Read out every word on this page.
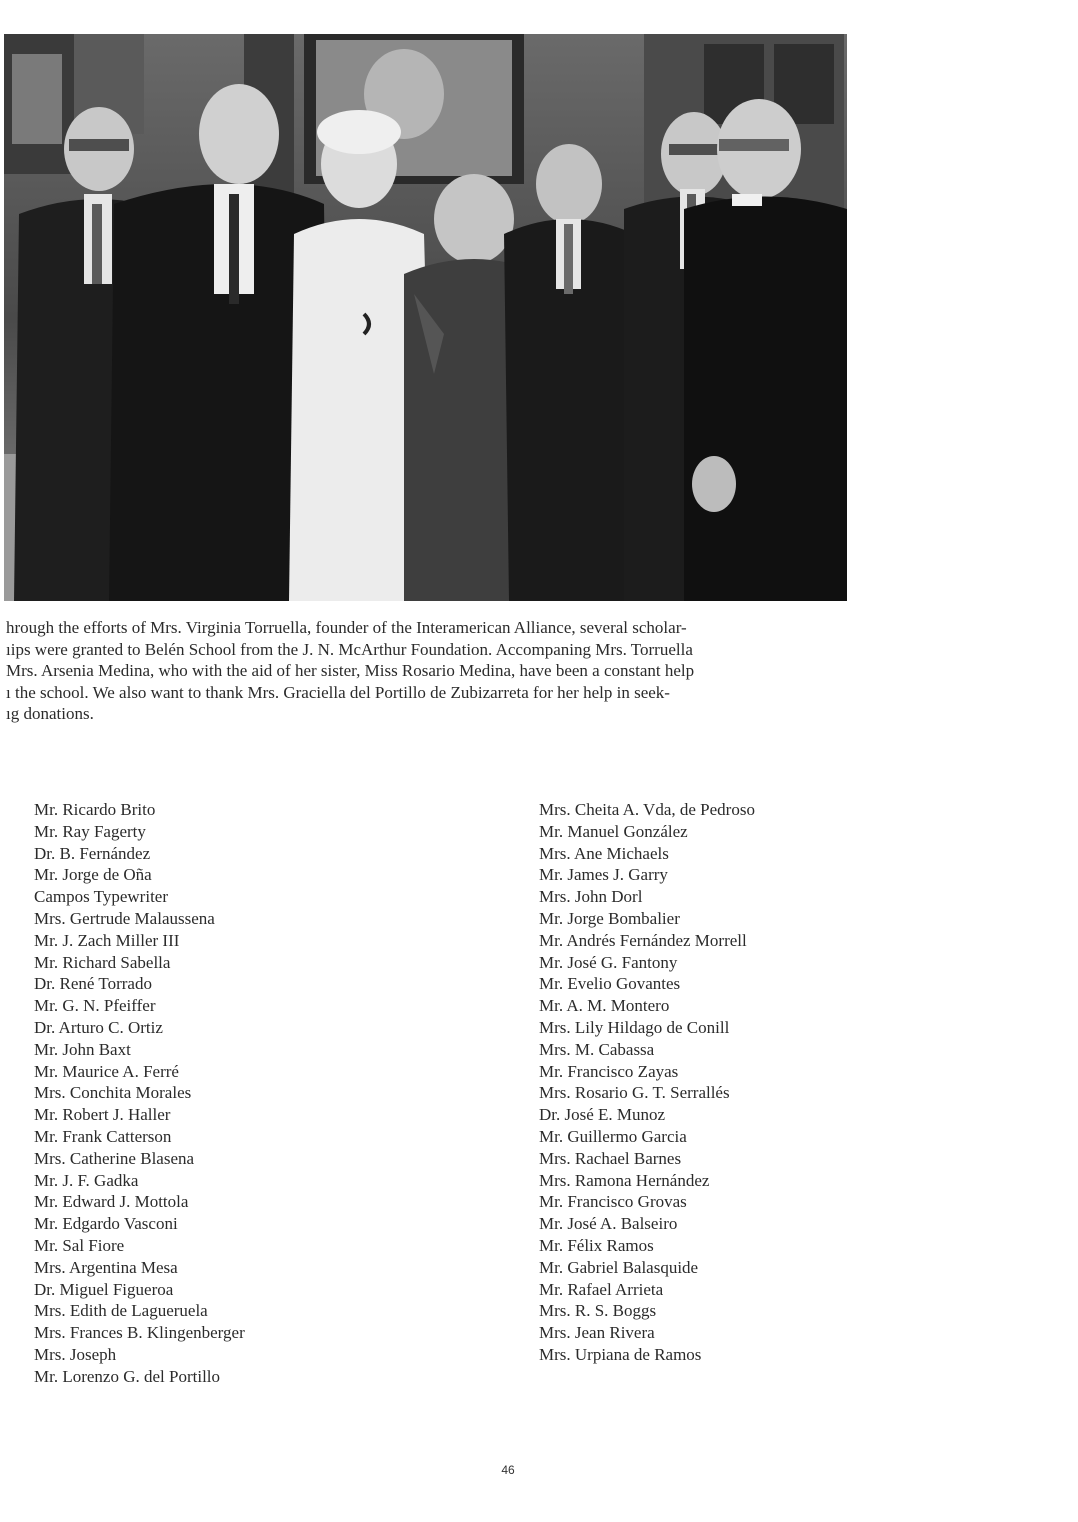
hrough the efforts of Mrs. Virginia Torruella, founder of the Interamerican Alliance, several scholar-
ıips were granted to Belén School from the J. N. McArthur Foundation. Accompaning Mrs. Torruella
Mrs. Arsenia Medina, who with the aid of her sister, Miss Rosario Medina, have been a constant help
ı the school. We also want to thank Mrs. Graciella del Portillo de Zubizarreta for her help in seek-
ıg donations.
Mr. Ricardo Brito
Mr. Ray Fagerty
Dr. B. Fernández
Mr. Jorge de Oña
Campos Typewriter
Mrs. Gertrude Malaussena
Mr. J. Zach Miller III
Mr. Richard Sabella
Dr. René Torrado
Mr. G. N. Pfeiffer
Dr. Arturo C. Ortiz
Mr. John Baxt
Mr. Maurice A. Ferré
Mrs. Conchita Morales
Mr. Robert J. Haller
Mr. Frank Catterson
Mrs. Catherine Blasena
Mr. J. F. Gadka
Mr. Edward J. Mottola
Mr. Edgardo Vasconi
Mr. Sal Fiore
Mrs. Argentina Mesa
Dr. Miguel Figueroa
Mrs. Edith de Lagueruela
Mrs. Frances B. Klingenberger
Mrs. Joseph
Mr. Lorenzo G. del Portillo
Mrs. Cheita A. Vda, de Pedroso
Mr. Manuel González
Mrs. Ane Michaels
Mr. James J. Garry
Mrs. John Dorl
Mr. Jorge Bombalier
Mr. Andrés Fernández Morrell
Mr. José G. Fantony
Mr. Evelio Govantes
Mr. A. M. Montero
Mrs. Lily Hildago de Conill
Mrs. M. Cabassa
Mr. Francisco Zayas
Mrs. Rosario G. T. Serrallés
Dr. José E. Munoz
Mr. Guillermo Garcia
Mrs. Rachael Barnes
Mrs. Ramona Hernández
Mr. Francisco Grovas
Mr. José A. Balseiro
Mr. Félix Ramos
Mr. Gabriel Balasquide
Mr. Rafael Arrieta
Mrs. R. S. Boggs
Mrs. Jean Rivera
Mrs. Urpiana de Ramos
46
